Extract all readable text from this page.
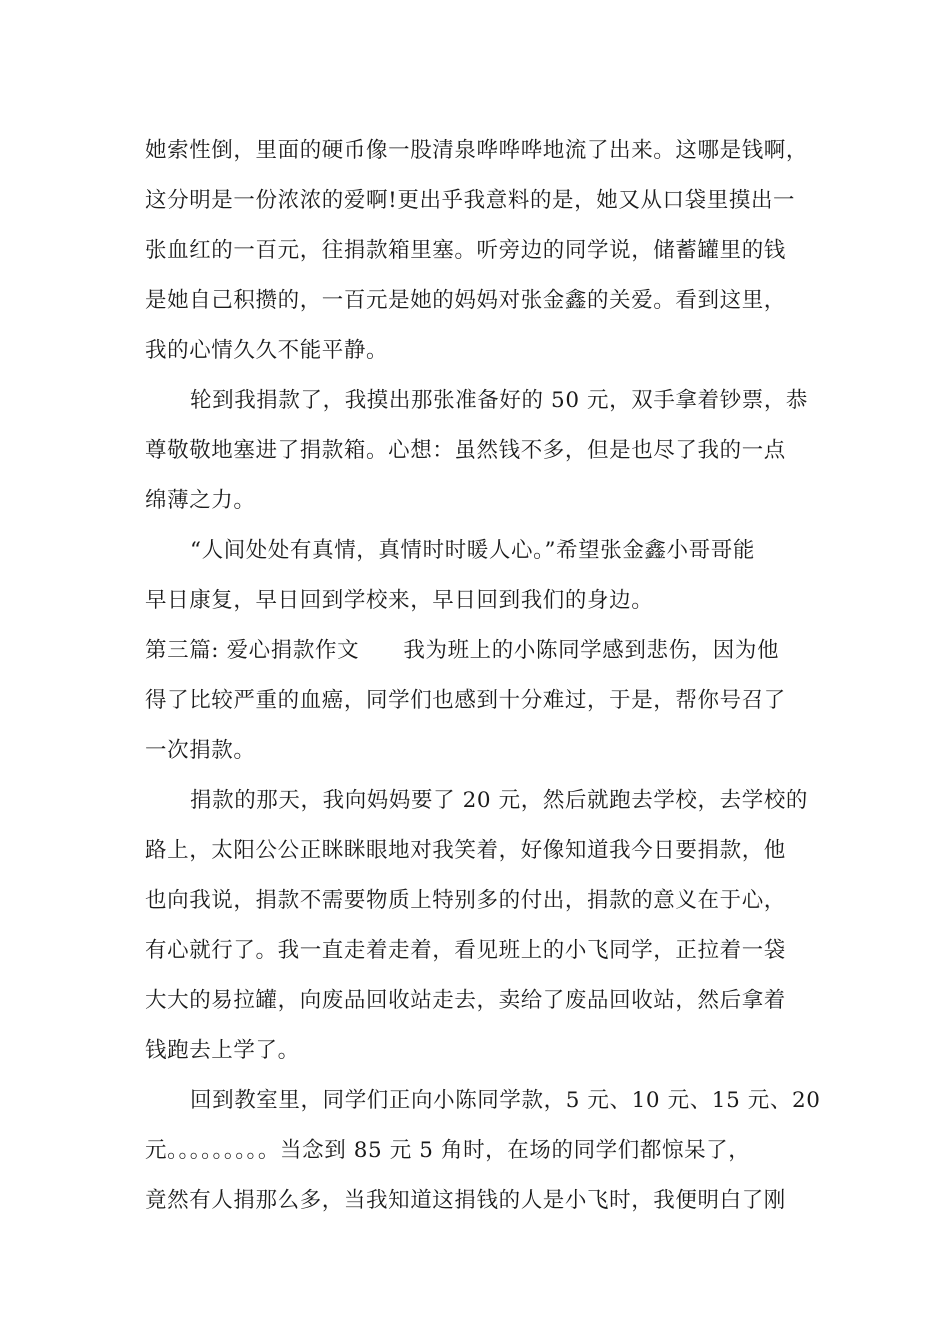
她索性倒，里面的硬币像一股清泉哗哗哗地流了出来。这哪是钱啊，
这分明是一份浓浓的爱啊!更出乎我意料的是，她又从口袋里摸出一
张血红的一百元，往捐款箱里塞。听旁边的同学说，储蓄罐里的钱
是她自己积攒的，一百元是她的妈妈对张金鑫的关爱。看到这里，
我的心情久久不能平静。
轮到我捐款了，我摸出那张准备好的 50 元，双手拿着钞票，恭
尊敬敬地塞进了捐款箱。心想：虽然钱不多，但是也尽了我的一点
绵薄之力。
“人间处处有真情，真情时时暖人心。”希望张金鑫小哥哥能
早日康复，早日回到学校来，早日回到我们的身边。
第三篇: 爱心捐款作文　　我为班上的小陈同学感到悲伤，因为他
得了比较严重的血癌，同学们也感到十分难过，于是，帮你号召了
一次捐款。
捐款的那天，我向妈妈要了 20 元，然后就跑去学校，去学校的
路上，太阳公公正眯眯眼地对我笑着，好像知道我今日要捐款，他
也向我说，捐款不需要物质上特别多的付出，捐款的意义在于心，
有心就行了。我一直走着走着，看见班上的小飞同学，正拉着一袋
大大的易拉罐，向废品回收站走去，卖给了废品回收站，然后拿着
钱跑去上学了。
回到教室里，同学们正向小陈同学款，5 元、10 元、15 元、20
元。。。。。。。。。当念到 85 元 5 角时，在场的同学们都惊呆了，
竟然有人捐那么多，当我知道这捐钱的人是小飞时，我便明白了刚
